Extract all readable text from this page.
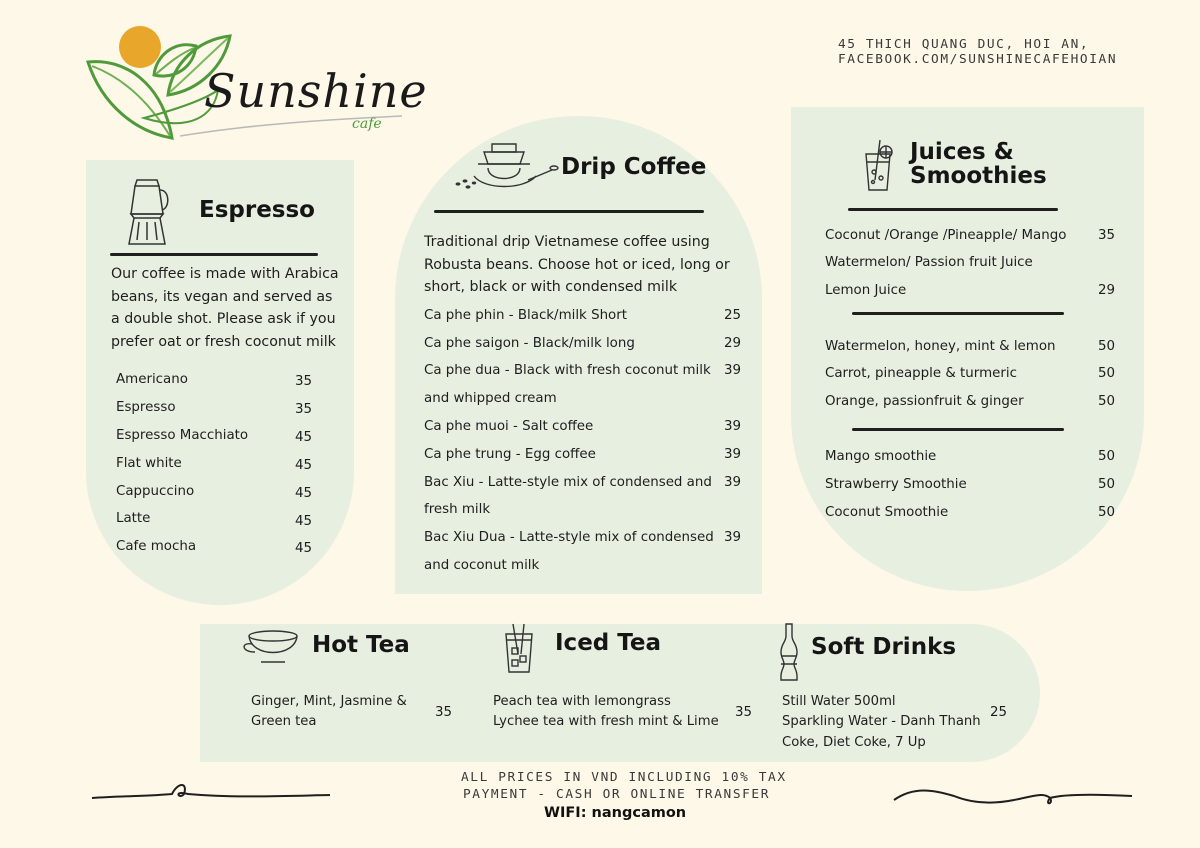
Sunshine
cafe
45 THICH QUANG DUC, HOI AN,
FACEBOOK.COM/SUNSHINECAFEHOIAN
Espresso
Our coffee is made with Arabica beans, its vegan and served as a double shot. Please ask if you prefer oat or fresh coconut milk
Americano	35
Espresso	35
Espresso Macchiato	45
Flat white	45
Cappuccino	45
Latte	45
Cafe mocha	45
Drip Coffee
Traditional drip Vietnamese coffee using Robusta beans. Choose hot or iced, long or short, black or with condensed milk
Ca phe phin - Black/milk Short	25
Ca phe saigon - Black/milk long	29
Ca phe dua - Black with fresh coconut milk 39
and whipped cream
Ca phe muoi - Salt coffee	39
Ca phe trung - Egg coffee	39
Bac Xiu - Latte-style mix of condensed and 39
fresh milk
Bac Xiu Dua - Latte-style mix of condensed 39
and coconut milk
Juices &
Smoothies
Coconut /Orange /Pineapple/ Mango	35
Watermelon/ Passion fruit Juice
Lemon Juice	29
Watermelon, honey, mint & lemon	50
Carrot, pineapple & turmeric	50
Orange, passionfruit & ginger	50
Mango smoothie	50
Strawberry Smoothie	50
Coconut Smoothie	50
Hot Tea
Ginger, Mint, Jasmine &
Green tea
35
Iced Tea
Peach tea with lemongrass
Lychee tea with fresh mint & Lime
35
Soft Drinks
Still Water 500ml
Sparkling Water - Danh Thanh
Coke, Diet Coke, 7 Up
25
ALL PRICES IN VND INCLUDING 10% TAX
PAYMENT - CASH OR ONLINE TRANSFER
WIFI: nangcamon
